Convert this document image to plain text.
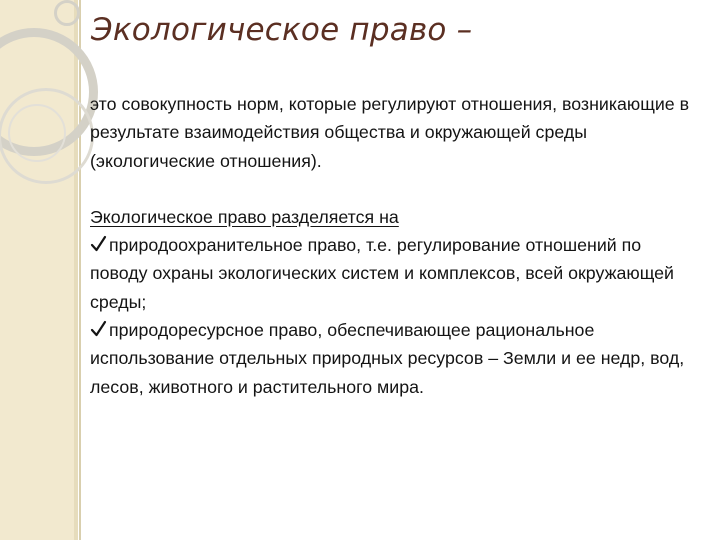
Экологическое право –

это совокупность норм, которые регулируют отношения, возникающие в результате взаимодействия общества и окружающей среды (экологические отношения).

Экологическое право разделяется на

природоохранительное право, т.е. регулирование отношений по поводу охраны экологических систем и комплексов, всей окружающей среды;

природоресурсное право, обеспечивающее рациональное использование отдельных природных ресурсов – Земли и ее недр, вод, лесов, животного и растительного мира.
